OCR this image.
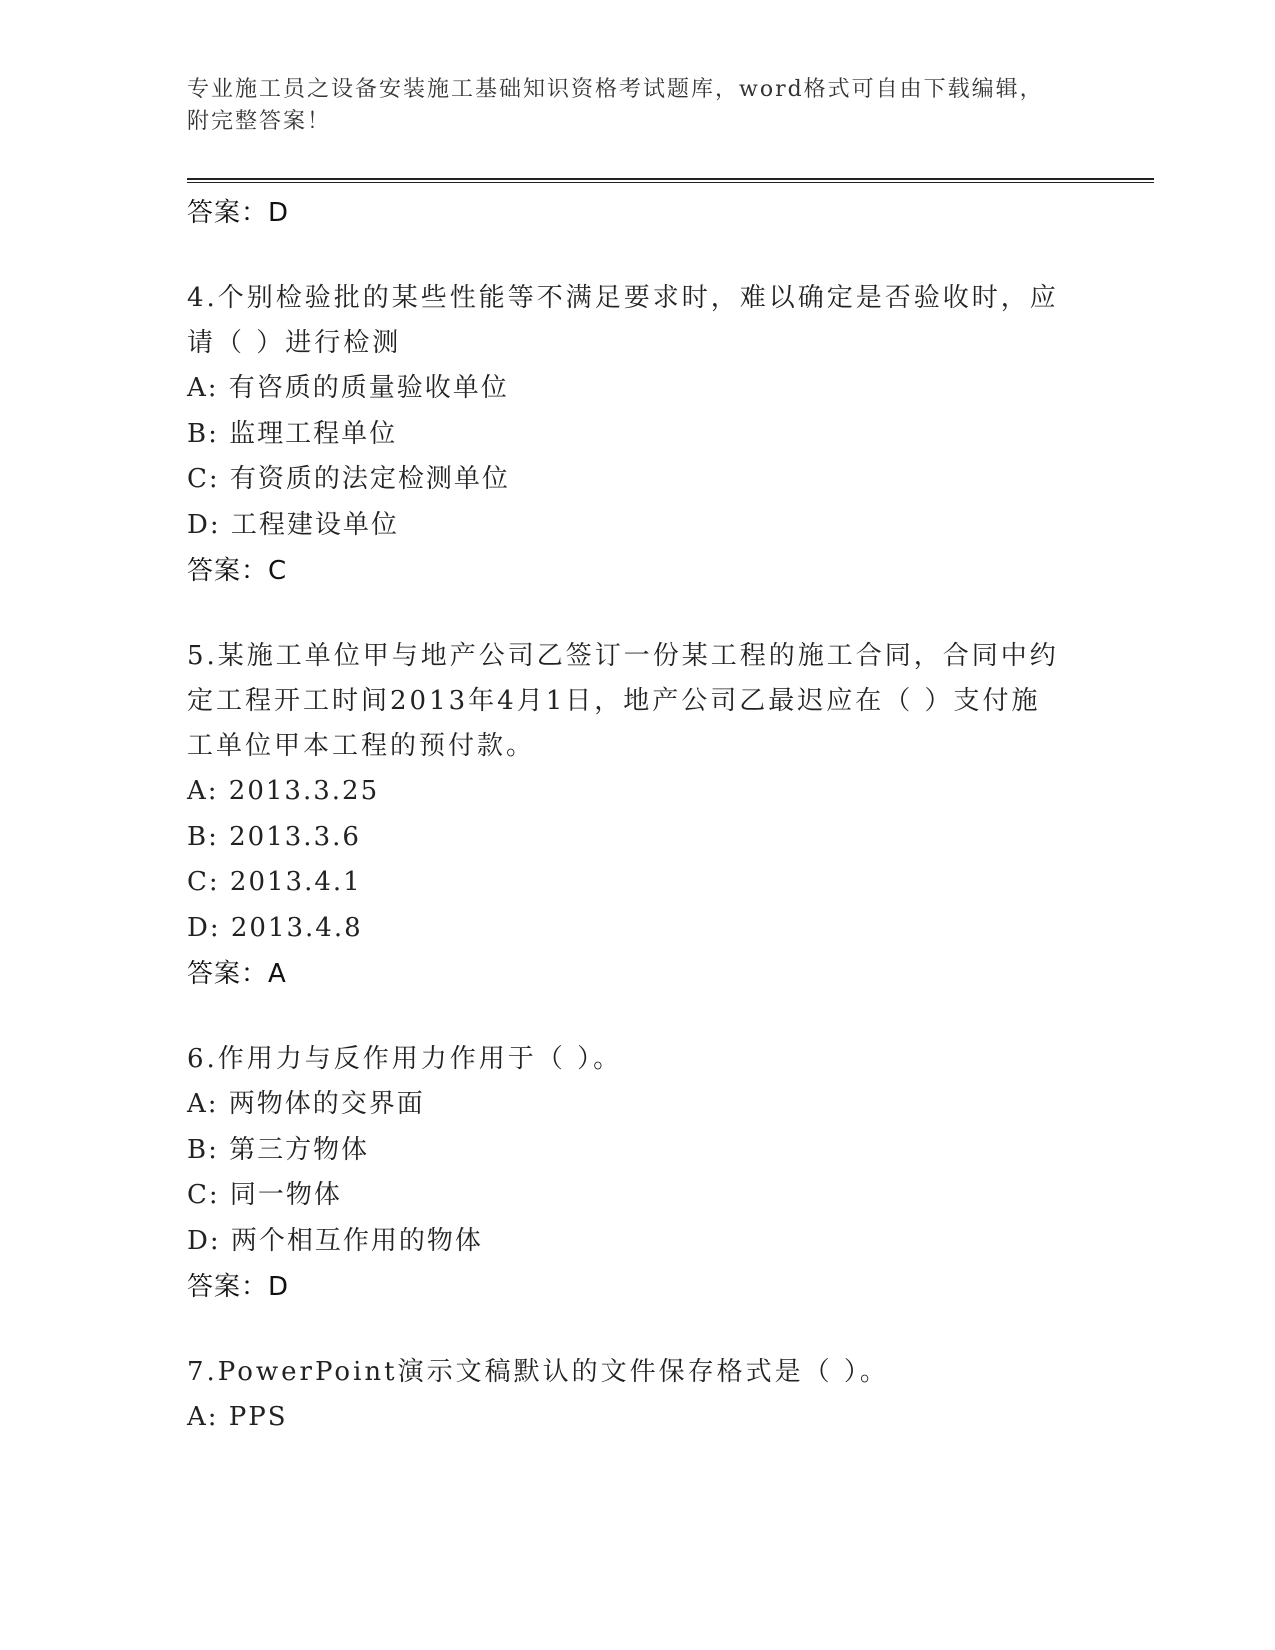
专业施工员之设备安装施工基础知识资格考试题库，word格式可自由下载编辑，
附完整答案！
答案：D

4.个别检验批的某些性能等不满足要求时，难以确定是否验收时，应请（ ）进行检测

A: 有咨质的质量验收单位
B: 监理工程单位
C: 有资质的法定检测单位
D: 工程建设单位
答案：C

5.某施工单位甲与地产公司乙签订一份某工程的施工合同，合同中约定工程开工时间2013年4月1日，地产公司乙最迟应在（ ）支付施工单位甲本工程的预付款。

A: 2013.3.25
B: 2013.3.6
C: 2013.4.1
D: 2013.4.8
答案：A

6.作用力与反作用力作用于（ ）。

A: 两物体的交界面
B: 第三方物体
C: 同一物体
D: 两个相互作用的物体
答案：D

7.PowerPoint演示文稿默认的文件保存格式是（ ）。

A: PPS
